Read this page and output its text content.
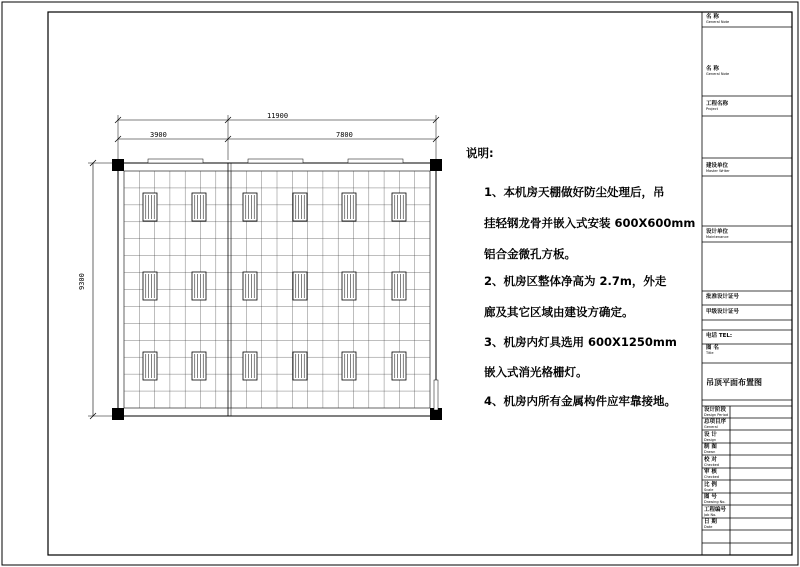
11900
3900	7800
9300
说明:
1、本机房天棚做好防尘处理后，吊
挂轻钢龙骨并嵌入式安装 600X600mm
铝合金微孔方板。
2、机房区整体净高为 2.7m，外走
廊及其它区域由建设方确定。
3、机房内灯具选用 600X1250mm
嵌入式消光格栅灯。
4、机房内所有金属构件应牢靠接地。
名 称
General Note
名 称
General Note
工程名称
Project
建设单位
Master Writer
设计单位
Maintenance
批准设计证号
甲级设计证号
电话 TEL:
图 名
Title
吊顶平面布置图
设计阶段
Design Period
总项目序
General
设 计
Design
制 图
Drawn
校 对
Checked
审 核
Checked
比 例
Scale
图 号
Drawing No.
工程编号
Job No.
日 期
Date
